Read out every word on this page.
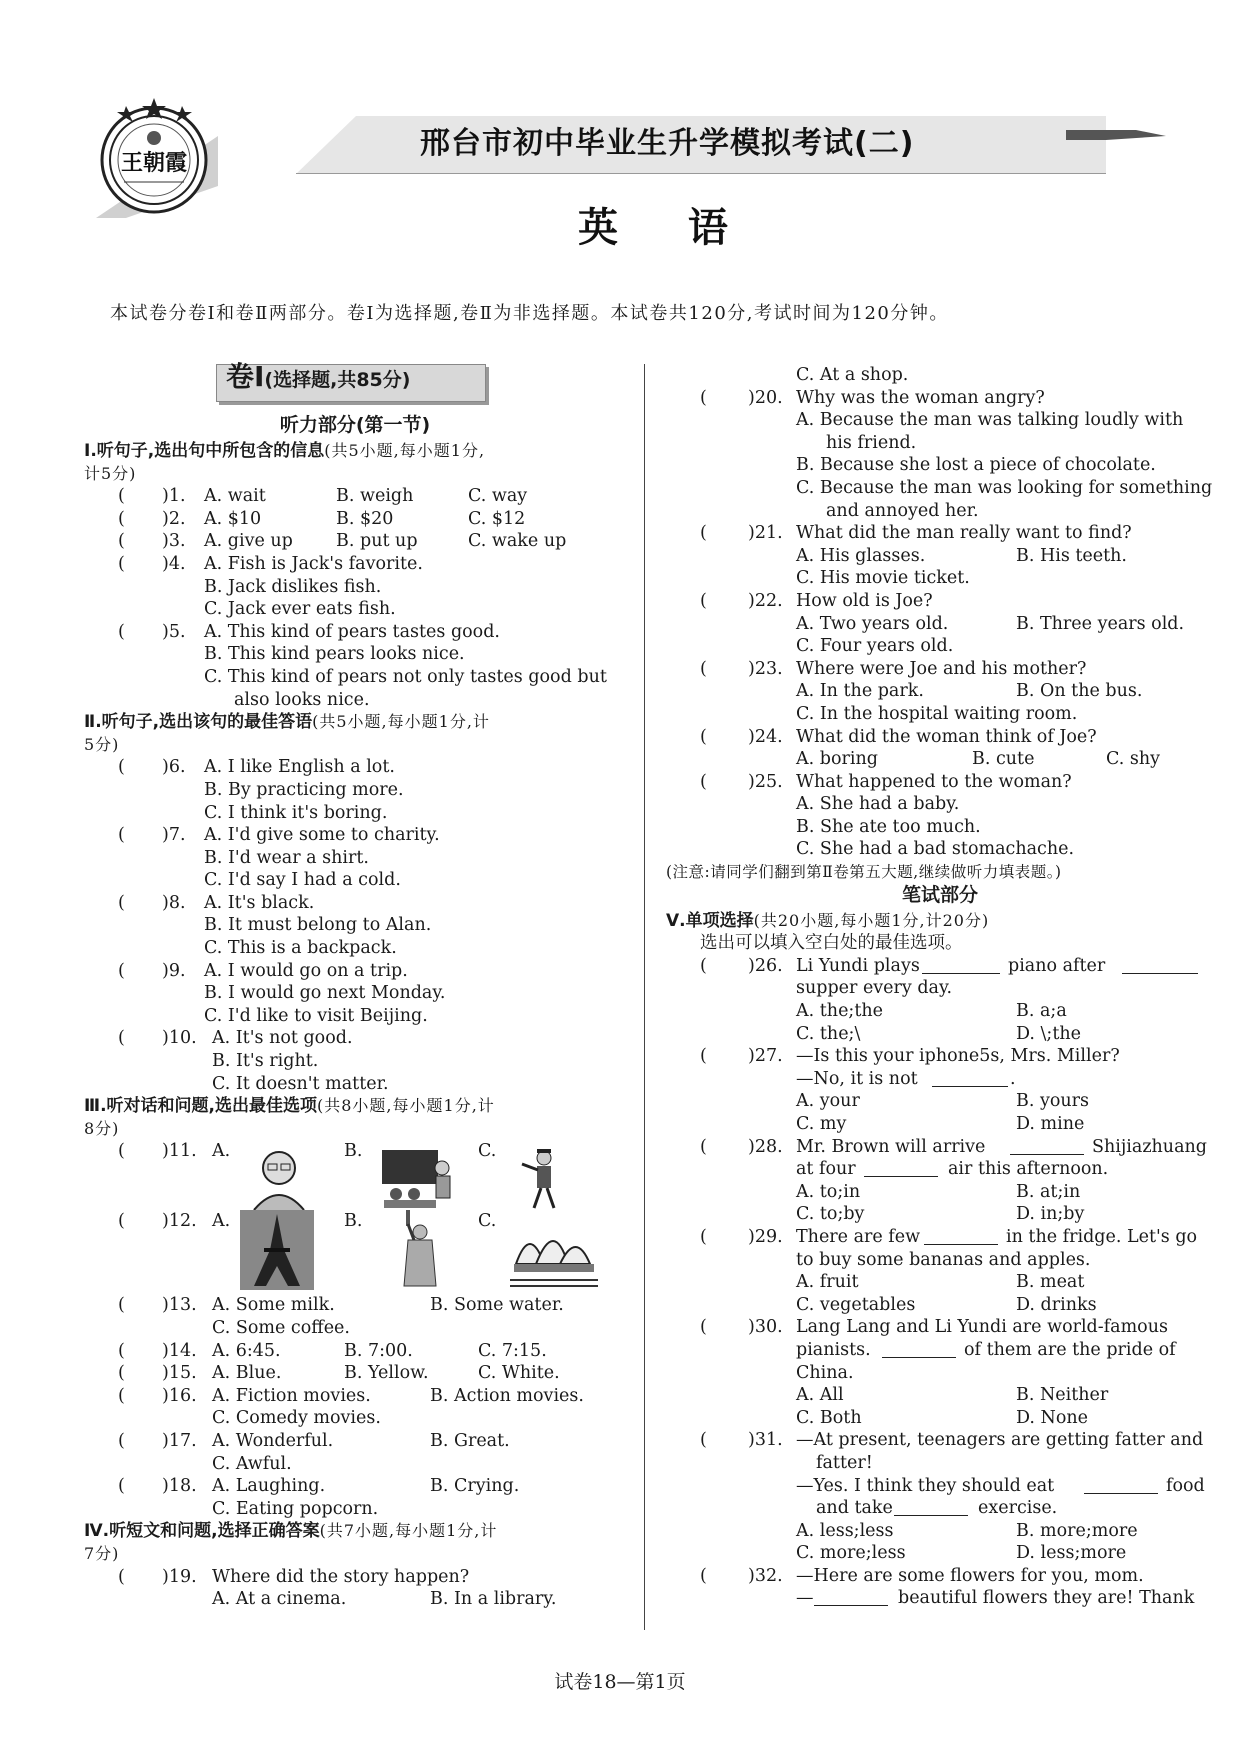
王朝霞
邢台市初中毕业生升学模拟考试(二)
英 语
本试卷分卷Ⅰ和卷Ⅱ两部分。卷Ⅰ为选择题,卷Ⅱ为非选择题。本试卷共120分,考试时间为120分钟。
卷Ⅰ(选择题,共85分)
听力部分(第一节)
Ⅰ.听句子,选出句中所包含的信息(共5小题,每小题1分,
计5分)
( )1. A. wait	B. weigh	C. way
( )2. A. $10	B. $20	C. $12
( )3. A. give up B. put up	C. wake up
( )4. A. Fish is Jack's favorite.
B. Jack dislikes fish.
C. Jack ever eats fish.
( )5. A. This kind of pears tastes good.
B. This kind pears looks nice.
C. This kind of pears not only tastes good but
also looks nice.
Ⅱ.听句子,选出该句的最佳答语(共5小题,每小题1分,计
5分)
( )6. A. I like English a lot.
B. By practicing more.
C. I think it's boring.
( )7. A. I'd give some to charity.
B. I'd wear a shirt.
C. I'd say I had a cold.
( )8. A. It's black.
B. It must belong to Alan.
C. This is a backpack.
( )9. A. I would go on a trip.
B. I would go next Monday.
C. I'd like to visit Beijing.
( )10. A. It's not good.
B. It's right.
C. It doesn't matter.
Ⅲ.听对话和问题,选出最佳选项(共8小题,每小题1分,计
8分)
( )11. A.	B.	C.
( )12. A.	B.	C.
( )13. A. Some milk.	B. Some water.
C. Some coffee.
( )14. A. 6:45.	B. 7:00.	C. 7:15.
( )15. A. Blue.	B. Yellow.	C. White.
( )16. A. Fiction movies.	B. Action movies.
C. Comedy movies.
( )17. A. Wonderful.	B. Great.
C. Awful.
( )18. A. Laughing.	B. Crying.
C. Eating popcorn.
Ⅳ.听短文和问题,选择正确答案(共7小题,每小题1分,计
7分)
( )19. Where did the story happen?
A. At a cinema.	B. In a library.
C. At a shop.
( )20. Why was the woman angry?
A. Because the man was talking loudly with
his friend.
B. Because she lost a piece of chocolate.
C. Because the man was looking for something
and annoyed her.
( )21. What did the man really want to find?
A. His glasses.	B. His teeth.
C. His movie ticket.
( )22. How old is Joe?
A. Two years old.	B. Three years old.
C. Four years old.
( )23. Where were Joe and his mother?
A. In the park.	B. On the bus.
C. In the hospital waiting room.
( )24. What did the woman think of Joe?
A. boring	B. cute	C. shy
( )25. What happened to the woman?
A. She had a baby.
B. She ate too much.
C. She had a bad stomachache.
(注意:请同学们翻到第Ⅱ卷第五大题,继续做听力填表题。)
笔试部分
Ⅴ.单项选择(共20小题,每小题1分,计20分)
选出可以填入空白处的最佳选项。
( )26. Li Yundi plays	piano after
supper every day.
A. the;the	B. a;a
C. the;\	D. \;the
( )27. —Is this your iphone5s, Mrs. Miller?
—No, it is not	.
A. your	B. yours
C. my	D. mine
( )28. Mr. Brown will arrive	Shijiazhuang
at four	air this afternoon.
A. to;in	B. at;in
C. to;by	D. in;by
( )29. There are few	in the fridge. Let's go
to buy some bananas and apples.
A. fruit	B. meat
C. vegetables	D. drinks
( )30. Lang Lang and Li Yundi are world-famous
pianists.	of them are the pride of
China.
A. All	B. Neither
C. Both	D. None
( )31. —At present, teenagers are getting fatter and
fatter!
—Yes. I think they should eat	food
and take	exercise.
A. less;less	B. more;more
C. more;less	D. less;more
( )32. —Here are some flowers for you, mom.
—	beautiful flowers they are! Thank
试卷18—第1页
